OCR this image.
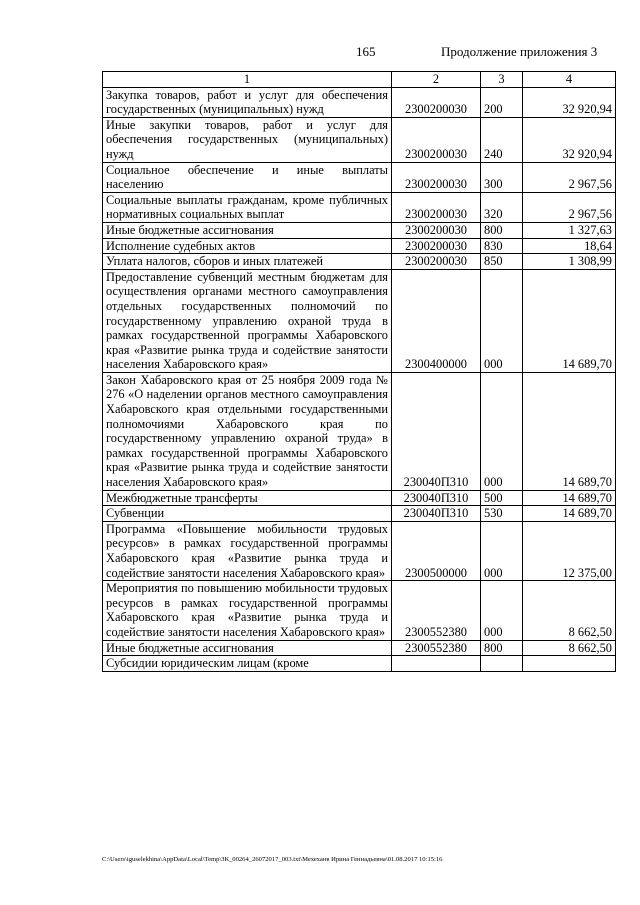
165	Продолжение приложения 3
1	2	3	4
Закупка товаров, работ и услуг для обеспечения государственных (муниципальных) нужд	2300200030	200	32 920,94
Иные закупки товаров, работ и услуг для обеспечения государственных (муниципальных) нужд	2300200030	240	32 920,94
Социальное обеспечение и иные выплаты населению	2300200030	300	2 967,56
Социальные выплаты гражданам, кроме публичных нормативных социальных выплат	2300200030	320	2 967,56
Иные бюджетные ассигнования	2300200030	800	1 327,63
Исполнение судебных актов	2300200030	830	18,64
Уплата налогов, сборов и иных платежей	2300200030	850	1 308,99
Предоставление субвенций местным бюджетам для осуществления органами местного самоуправления отдельных государственных полномочий по государственному управлению охраной труда в рамках государственной программы Хабаровского края «Развитие рынка труда и содействие занятости населения Хабаровского края»	2300400000	000	14 689,70
Закон Хабаровского края от 25 ноября 2009 года № 276 «О наделении органов местного самоуправления Хабаровского края отдельными государственными полномочиями Хабаровского края по государственному управлению охраной труда» в рамках государственной программы Хабаровского края «Развитие рынка труда и содействие занятости населения Хабаровского края»	230040П310	000	14 689,70
Межбюджетные трансферты	230040П310	500	14 689,70
Субвенции	230040П310	530	14 689,70
Программа «Повышение мобильности трудовых ресурсов» в рамках государственной программы Хабаровского края «Развитие рынка труда и содействие занятости населения Хабаровского края»	2300500000	000	12 375,00
Мероприятия по повышению мобильности трудовых ресурсов в рамках государственной программы Хабаровского края «Развитие рынка труда и содействие занятости населения Хабаровского края»	2300552380	000	8 662,50
Иные бюджетные ассигнования	2300552380	800	8 662,50
Субсидии юридическим лицам (кроме			
C:\Users\iguselekhina\AppData\Local\Temp\ЗК_00264_26072017_003.txt\Мехеханв Ирина Геннадьевна\01.08.2017 10:15:16
